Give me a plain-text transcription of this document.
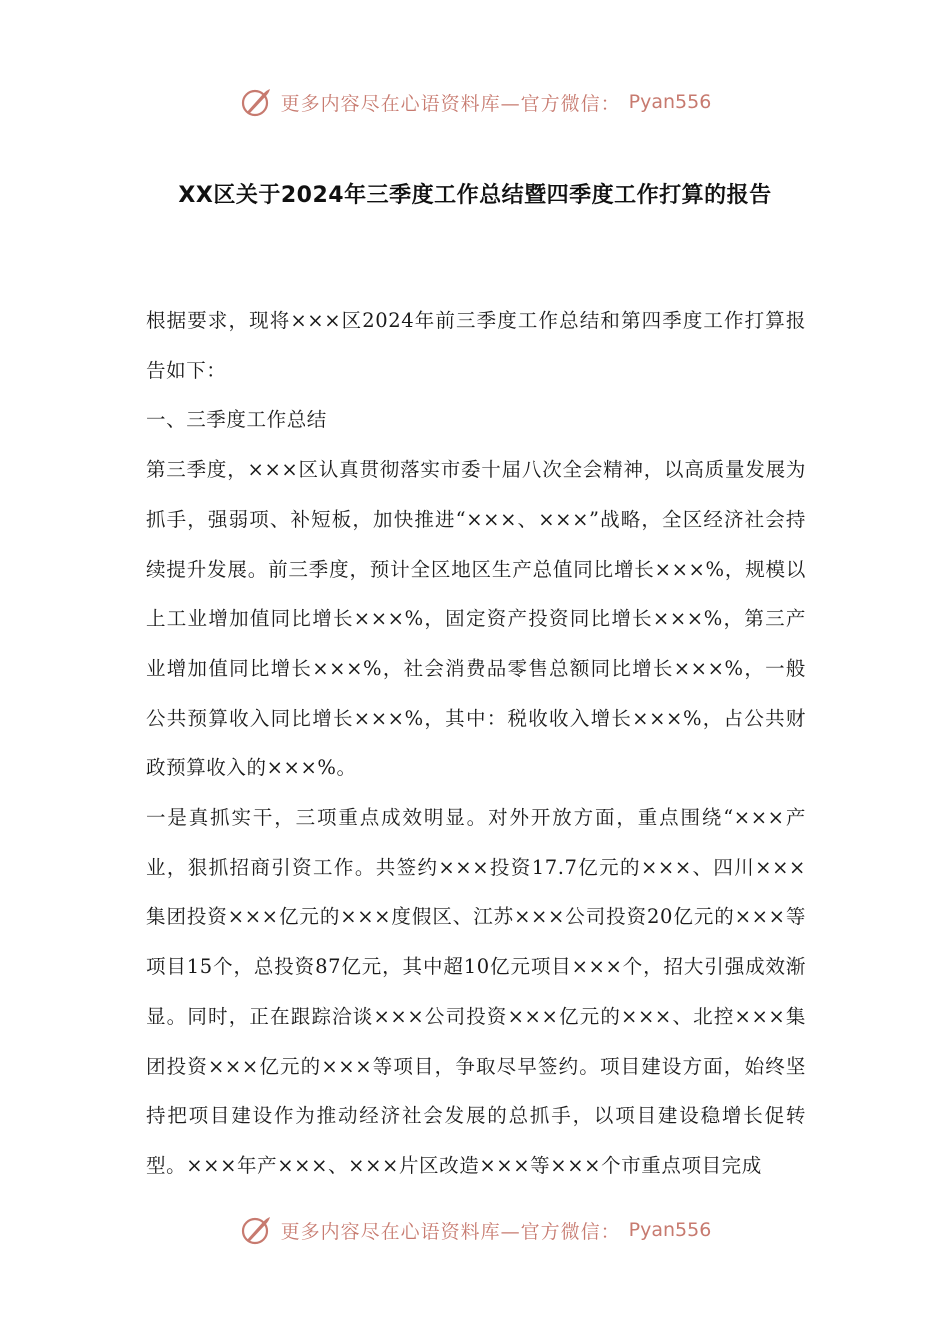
更多内容尽在心语资料库—官方微信： Pyan556
XX区关于2024年三季度工作总结暨四季度工作打算的报告

根据要求，现将×××区2024年前三季度工作总结和第四季度工作打算报告如下：

一、三季度工作总结

第三季度，×××区认真贯彻落实市委十届八次全会精神，以高质量发展为抓手，强弱项、补短板，加快推进“×××、×××”战略，全区经济社会持续提升发展。前三季度，预计全区地区生产总值同比增长×××%，规模以上工业增加值同比增长×××%，固定资产投资同比增长×××%，第三产业增加值同比增长×××%，社会消费品零售总额同比增长×××%，一般公共预算收入同比增长×××%，其中：税收收入增长×××%，占公共财政预算收入的×××%。

一是真抓实干，三项重点成效明显。对外开放方面，重点围绕“×××产业，狠抓招商引资工作。共签约×××投资17.7亿元的×××、四川×××集团投资×××亿元的×××度假区、江苏×××公司投资20亿元的×××等项目15个，总投资87亿元，其中超10亿元项目×××个，招大引强成效渐显。同时，正在跟踪洽谈×××公司投资×××亿元的×××、北控×××集团投资×××亿元的×××等项目，争取尽早签约。项目建设方面，始终坚持把项目建设作为推动经济社会发展的总抓手，以项目建设稳增长促转型。×××年产×××、×××片区改造×××等×××个市重点项目完成

更多内容尽在心语资料库—官方微信： Pyan556
